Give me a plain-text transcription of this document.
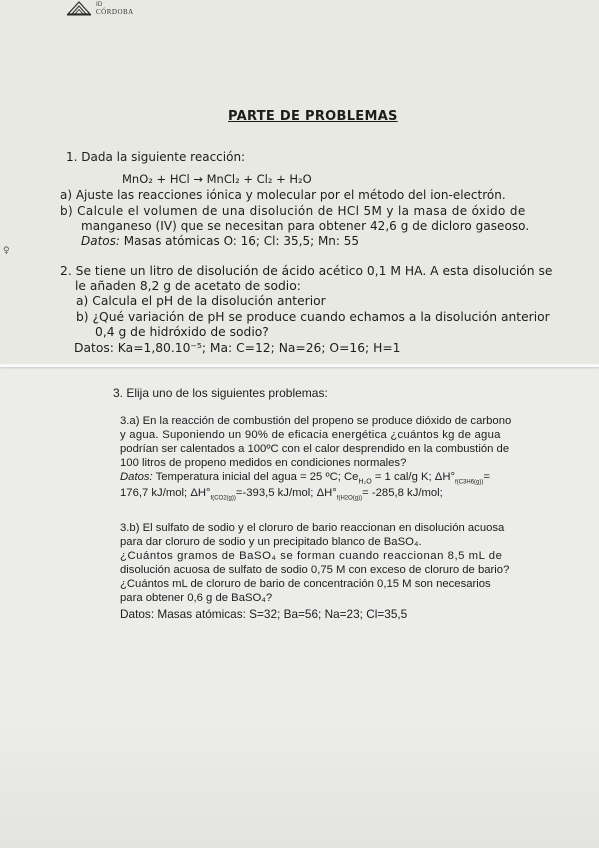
ID
CÓRDOBA
PARTE DE PROBLEMAS
1. Dada la siguiente reacción:
MnO₂ + HCl → MnCl₂ + Cl₂ + H₂O
a) Ajuste las reacciones iónica y molecular por el método del ion-electrón.
b) Calcule el volumen de una disolución de HCl 5M y la masa de óxido de
manganeso (IV) que se necesitan para obtener 42,6 g de dicloro gaseoso.
Datos: Masas atómicas O: 16; Cl: 35,5; Mn: 55
♀
2. Se tiene un litro de disolución de ácido acético 0,1 M HA. A esta disolución se
le añaden 8,2 g de acetato de sodio:
a) Calcula el pH de la disolución anterior
b) ¿Qué variación de pH se produce cuando echamos a la disolución anterior
0,4 g de hidróxido de sodio?
Datos: Ka=1,80.10⁻⁵; Ma: C=12; Na=26; O=16; H=1
3. Elija uno de los siguientes problemas:
3.a) En la reacción de combustión del propeno se produce dióxido de carbono
y agua. Suponiendo un 90% de eficacia energética ¿cuántos kg de agua
podrían ser calentados a 100ºC con el calor desprendido en la combustión de
100 litros de propeno medidos en condiciones normales?
Datos: Temperatura inicial del agua = 25 ºC; $Ce_{H_2O} = 1$ cal/g K; $\Delta H^\circ_{f(C3H6(g))}=$
176,7 kJ/mol; $\Delta H^\circ_{f(CO2(g))}=-393,5$ kJ/mol; $\Delta H^\circ_{f(H2O(g))}= -285,8$ kJ/mol;
3.b) El sulfato de sodio y el cloruro de bario reaccionan en disolución acuosa
para dar cloruro de sodio y un precipitado blanco de BaSO₄.
¿Cuántos gramos de BaSO₄ se forman cuando reaccionan 8,5 mL de
disolución acuosa de sulfato de sodio 0,75 M con exceso de cloruro de bario?
¿Cuántos mL de cloruro de bario de concentración 0,15 M son necesarios
para obtener 0,6 g de BaSO₄?
Datos: Masas atómicas: S=32; Ba=56; Na=23; Cl=35,5
